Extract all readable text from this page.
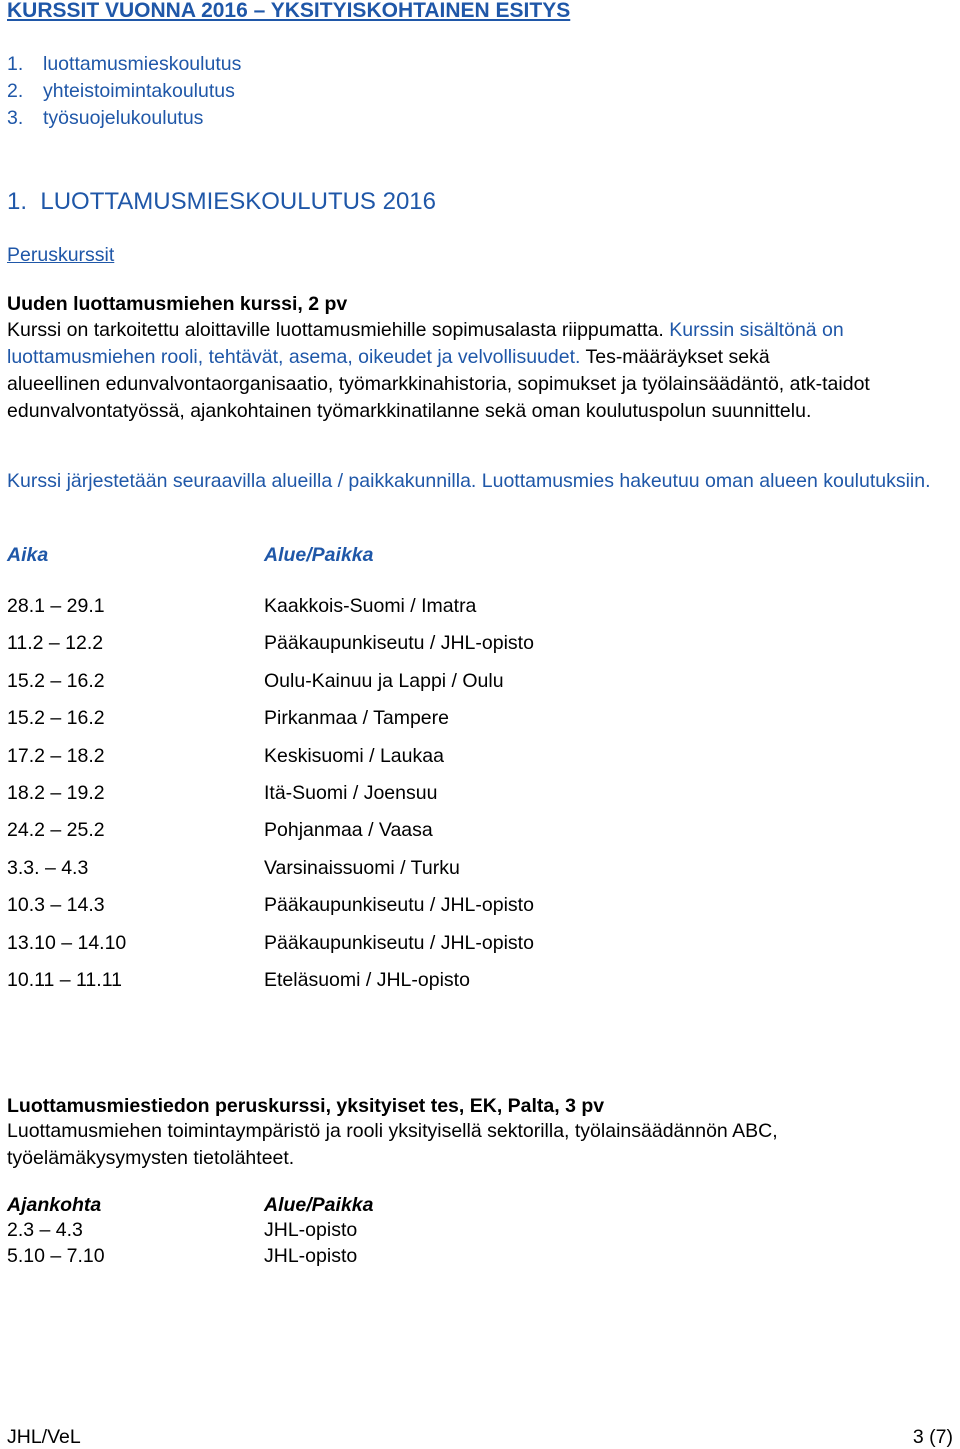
KURSSIT VUONNA 2016 – YKSITYISKOHTAINEN ESITYS
1.	luottamusmieskoulutus
2.	yhteistoimintakoulutus
3.	työsuojelukoulutus
1.  LUOTTAMUSMIESKOULUTUS 2016
Peruskurssit
Uuden luottamusmiehen kurssi, 2 pv
Kurssi on tarkoitettu aloittaville luottamusmiehille sopimusalasta riippumatta. Kurssin sisältönä on
luottamusmiehen rooli, tehtävät, asema, oikeudet ja velvollisuudet. Tes-määräykset sekä
alueellinen edunvalvontaorganisaatio, työmarkkinahistoria, sopimukset ja työlainsäädäntö, atk-taidot edunvalvontatyössä, ajankohtainen työmarkkinatilanne sekä oman koulutuspolun suunnittelu.
Kurssi järjestetään seuraavilla alueilla / paikkakunnilla. Luottamusmies hakeutuu oman alueen koulutuksiin.
Aika	Alue/Paikka
28.1 – 29.1	Kaakkois-Suomi / Imatra
11.2 – 12.2	Pääkaupunkiseutu / JHL-opisto
15.2 – 16.2	Oulu-Kainuu ja Lappi / Oulu
15.2 – 16.2	Pirkanmaa / Tampere
17.2 – 18.2	Keskisuomi / Laukaa
18.2 – 19.2	Itä-Suomi / Joensuu
24.2 – 25.2	Pohjanmaa / Vaasa
3.3. – 4.3	Varsinaissuomi / Turku
10.3 – 14.3	Pääkaupunkiseutu / JHL-opisto
13.10 – 14.10	Pääkaupunkiseutu / JHL-opisto
10.11 – 11.11	Eteläsuomi / JHL-opisto
Luottamusmiestiedon peruskurssi, yksityiset tes, EK, Palta, 3 pv
Luottamusmiehen toimintaympäristö ja rooli yksityisellä sektorilla, työlainsäädännön ABC, työelämäkysymysten tietolähteet.
Ajankohta	Alue/Paikka
2.3 – 4.3	JHL-opisto
5.10 – 7.10	JHL-opisto
JHL/VeL	3 (7)
